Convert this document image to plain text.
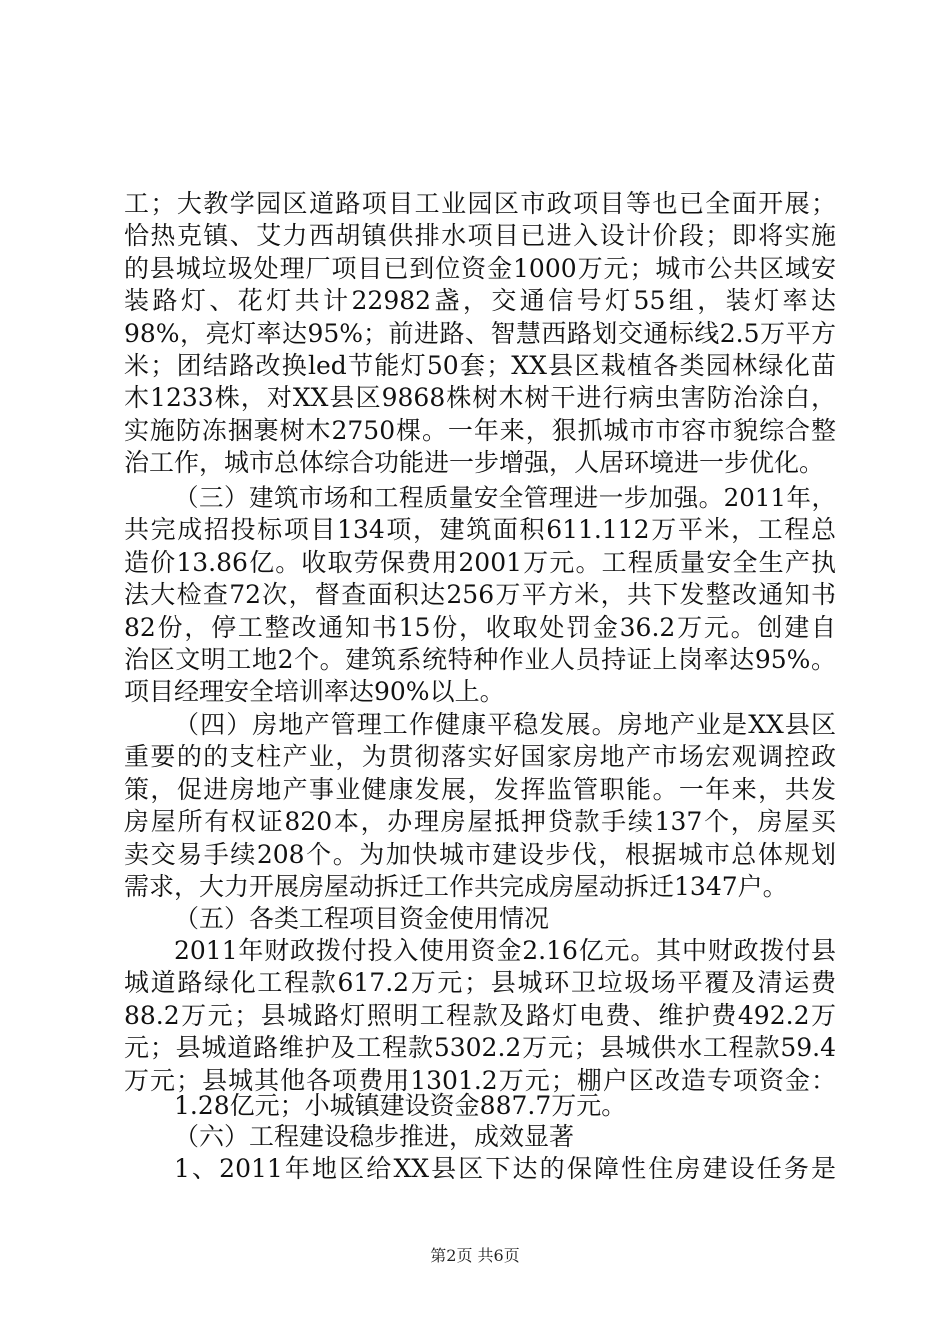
工；大教学园区道路项目工业园区市政项目等也已全面开展；
恰热克镇、艾力西胡镇供排水项目已进入设计价段；即将实施
的县城垃圾处理厂项目已到位资金1000万元；城市公共区域安
装路灯、花灯共计22982盏，交通信号灯55组，装灯率达
98%，亮灯率达95%；前进路、智慧西路划交通标线2.5万平方
米；团结路改换led节能灯50套；XX县区栽植各类园林绿化苗
木1233株，对XX县区9868株树木树干进行病虫害防治涂白，
实施防冻捆裹树木2750棵。一年来，狠抓城市市容市貌综合整
治工作，城市总体综合功能进一步增强，人居环境进一步优化。
（三）建筑市场和工程质量安全管理进一步加强。2011年，
共完成招投标项目134项，建筑面积611.112万平米，工程总
造价13.86亿。收取劳保费用2001万元。工程质量安全生产执
法大检查72次，督查面积达256万平方米，共下发整改通知书
82份，停工整改通知书15份，收取处罚金36.2万元。创建自
治区文明工地2个。建筑系统特种作业人员持证上岗率达95%。
项目经理安全培训率达90%以上。
（四）房地产管理工作健康平稳发展。房地产业是XX县区
重要的的支柱产业，为贯彻落实好国家房地产市场宏观调控政
策，促进房地产事业健康发展，发挥监管职能。一年来，共发
房屋所有权证820本，办理房屋抵押贷款手续137个，房屋买
卖交易手续208个。为加快城市建设步伐，根据城市总体规划
需求，大力开展房屋动拆迁工作共完成房屋动拆迁1347户。
（五）各类工程项目资金使用情况
2011年财政拨付投入使用资金2.16亿元。其中财政拨付县
城道路绿化工程款617.2万元；县城环卫垃圾场平覆及清运费
88.2万元；县城路灯照明工程款及路灯电费、维护费492.2万
元；县城道路维护及工程款5302.2万元；县城供水工程款59.4
万元；县城其他各项费用1301.2万元；棚户区改造专项资金：
1.28亿元；小城镇建设资金887.7万元。
（六）工程建设稳步推进，成效显著
1、2011年地区给XX县区下达的保障性住房建设任务是
第2页 共6页
